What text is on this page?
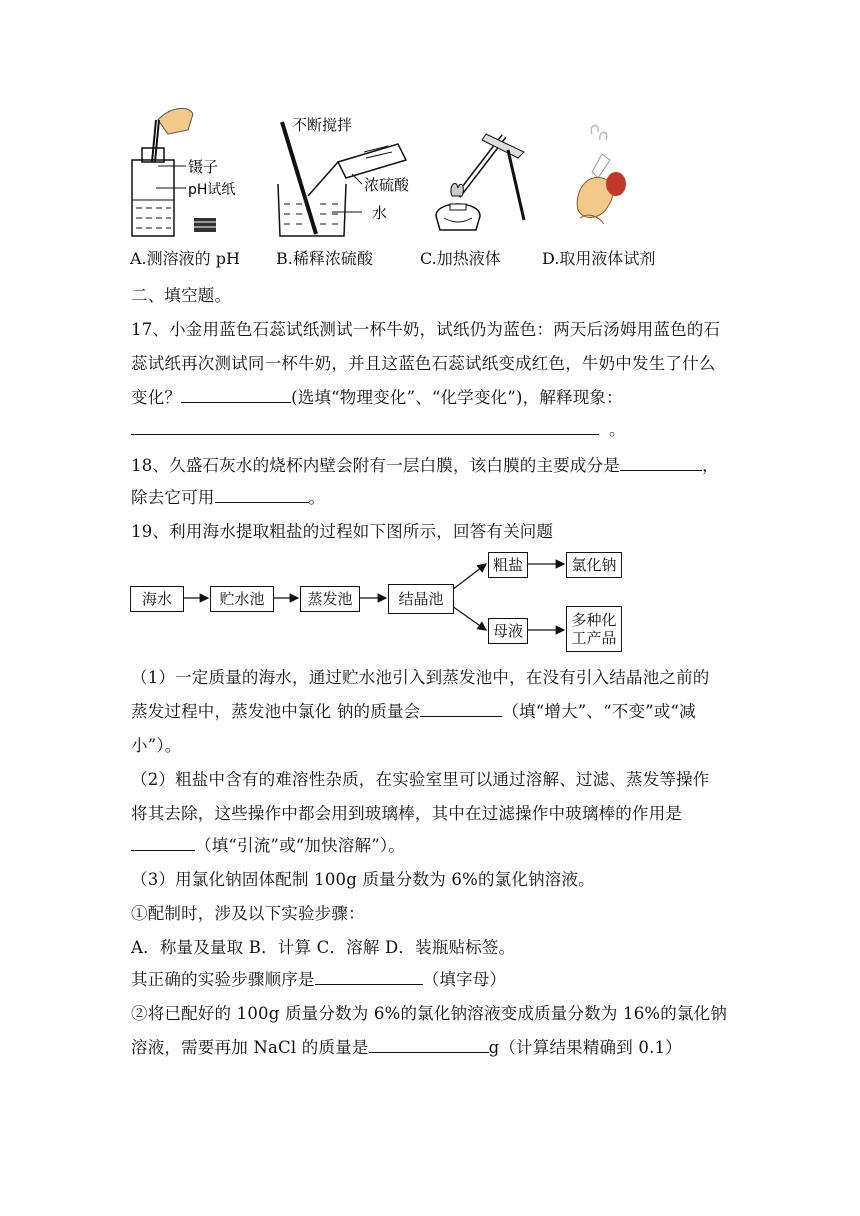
镊子
pH试纸
不断搅拌
浓硫酸
水
A.测溶液的 pH B.稀释浓硫酸	C.加热液体	D.取用液体试剂
二、填空题。
17、小金用蓝色石蕊试纸测试一杯牛奶，试纸仍为蓝色：两天后汤姆用蓝色的石
蕊试纸再次测试同一杯牛奶，并且这蓝色石蕊试纸变成红色，牛奶中发生了什么
变化？	(选填“物理变化”、“化学变化”)，解释现象：
。
18、久盛石灰水的烧杯内壁会附有一层白膜，该白膜的主要成分是	，
除去它可用	。
19、利用海水提取粗盐的过程如下图所示，回答有关问题
海水	贮水池	蒸发池	结晶池
粗盐	氯化钠
母液
多种化
工产品
（1）一定质量的海水，通过贮水池引入到蒸发池中，在没有引入结晶池之前的
蒸发过程中，蒸发池中氯化 钠的质量会	（填“增大”、“不变”或“减
小”）。
（2）粗盐中含有的难溶性杂质，在实验室里可以通过溶解、过滤、蒸发等操作
将其去除，这些操作中都会用到玻璃棒，其中在过滤操作中玻璃棒的作用是
（填“引流”或“加快溶解”）。
（3）用氯化钠固体配制 100g 质量分数为 6%的氯化钠溶液。
①配制时，涉及以下实验步骤：
A．称量及量取 B．计算 C．溶解 D．装瓶贴标签。
其正确的实验步骤顺序是	（填字母）
②将已配好的 100g 质量分数为 6%的氯化钠溶液变成质量分数为 16%的氯化钠
溶液，需要再加 NaCl 的质量是	g（计算结果精确到 0.1）
